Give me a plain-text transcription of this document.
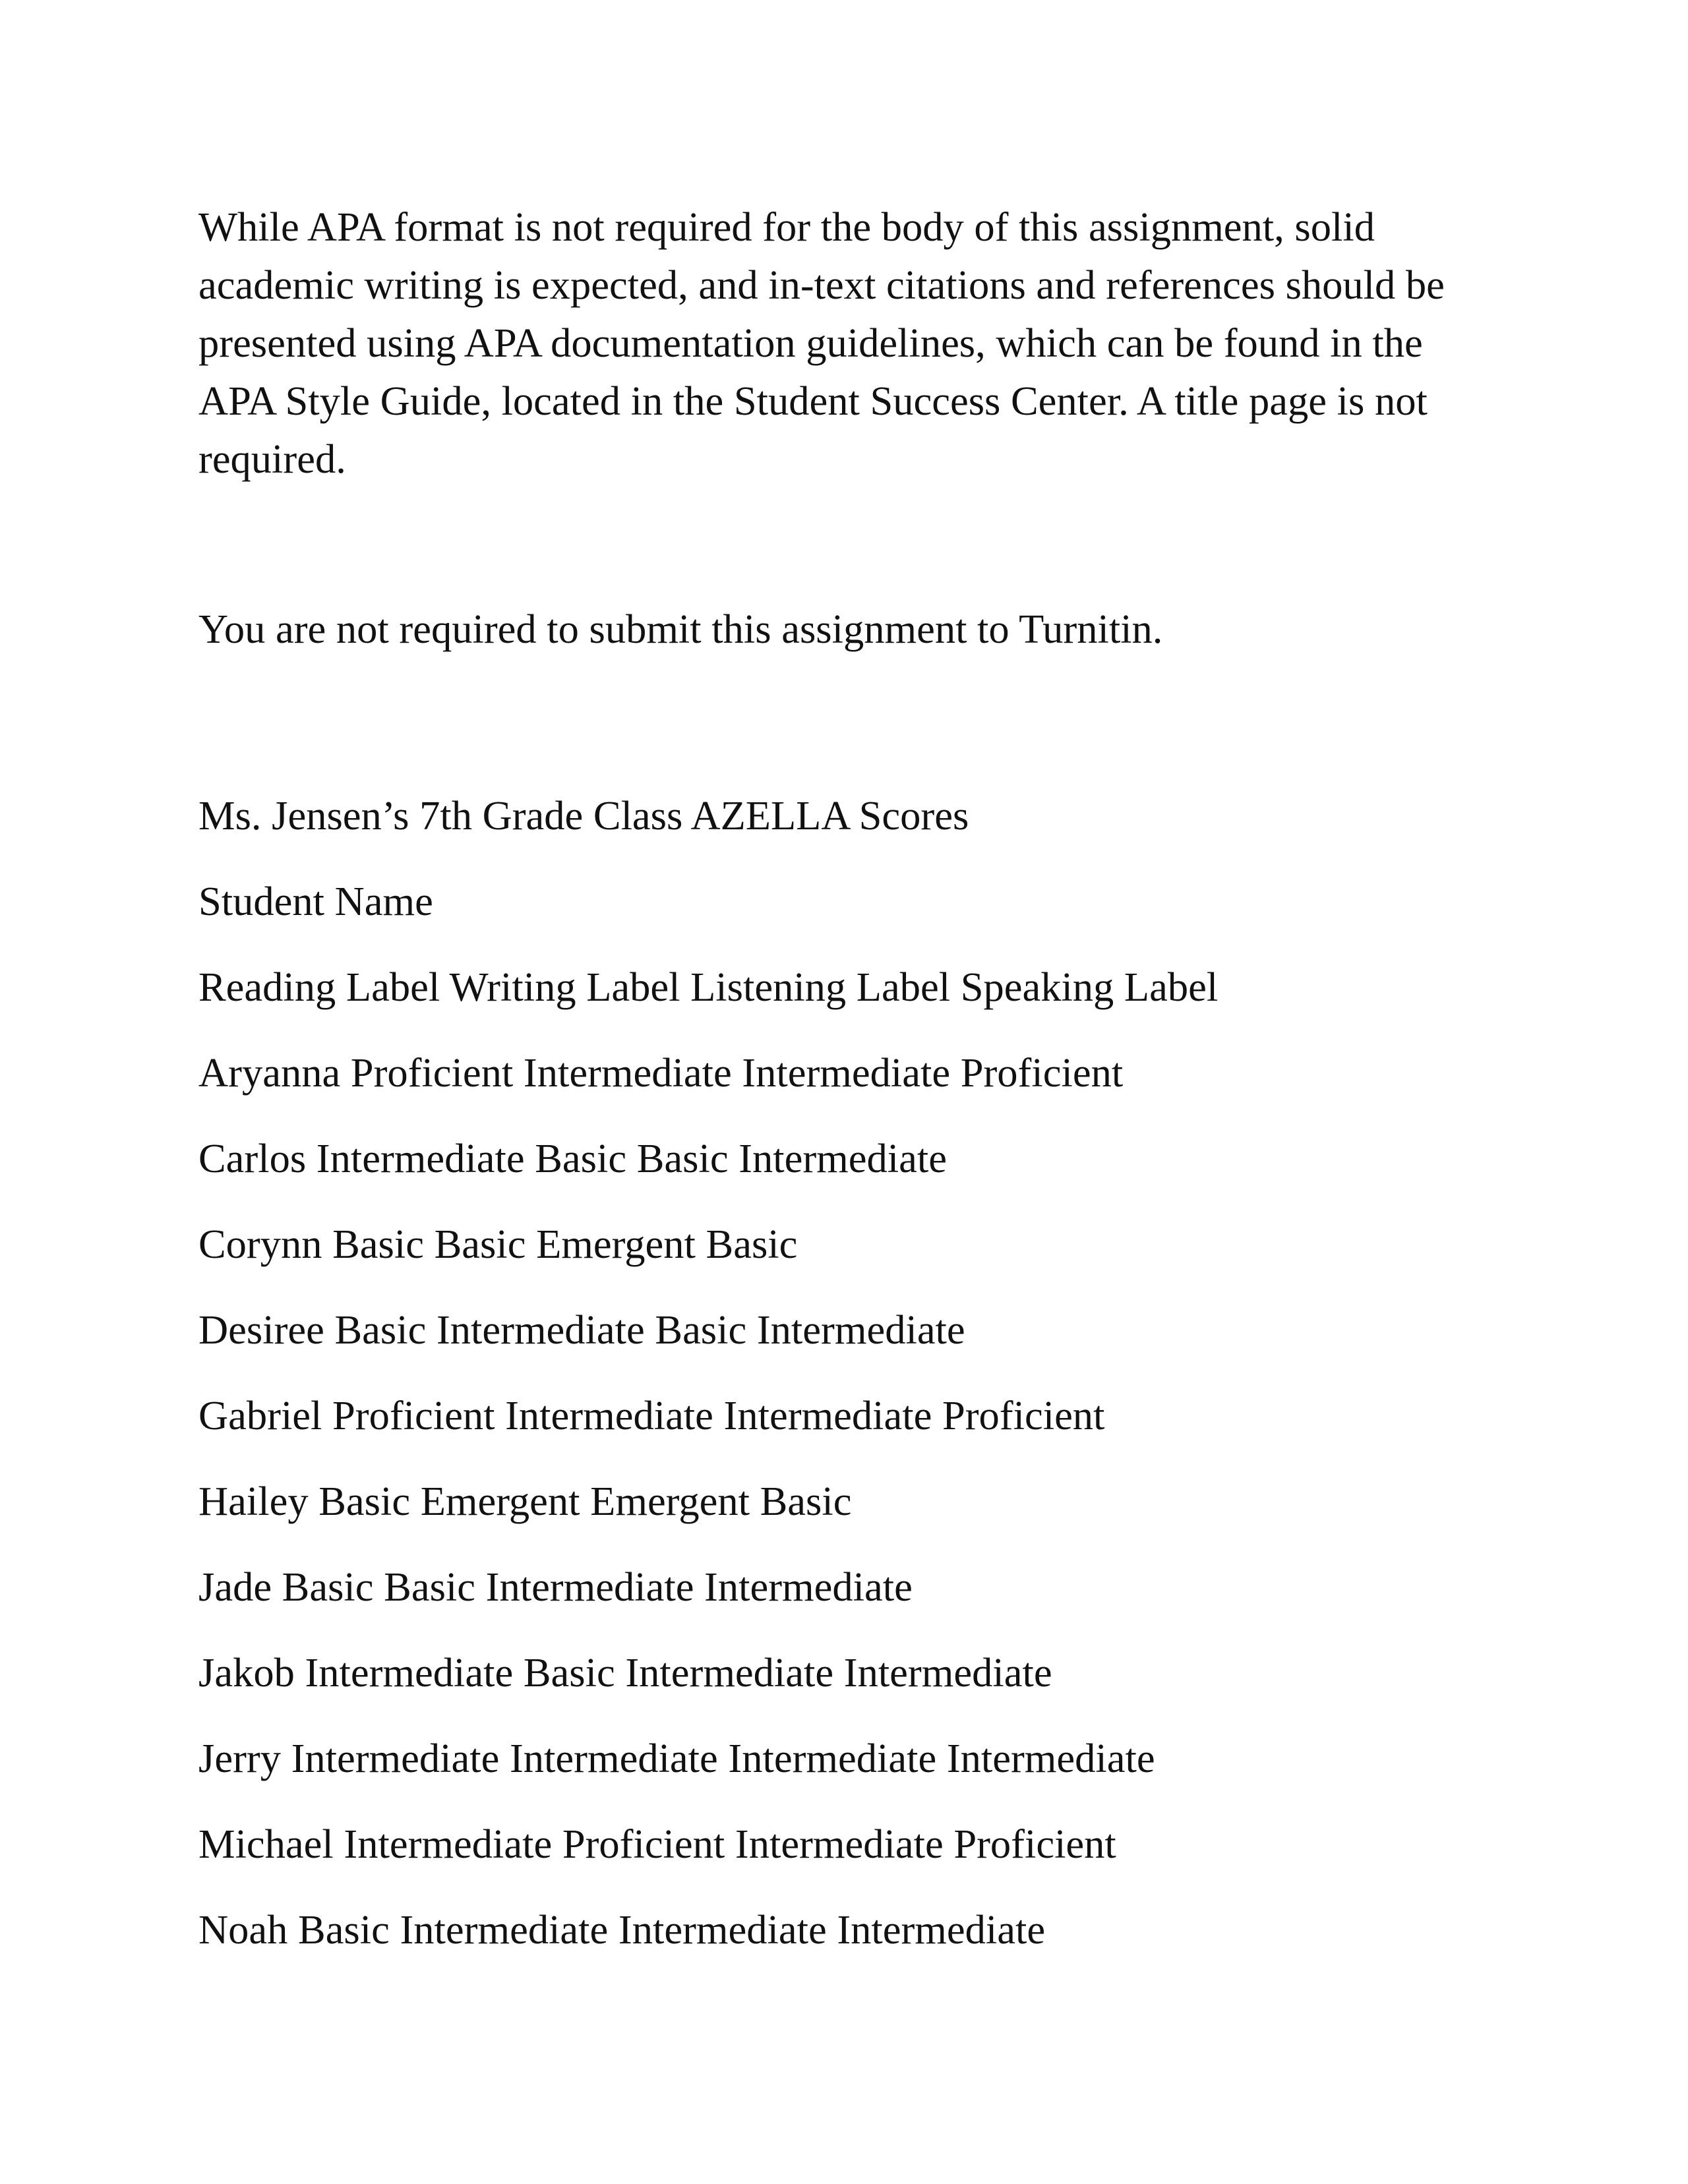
While APA format is not required for the body of this assignment, solid academic writing is expected, and in-text citations and references should be presented using APA documentation guidelines, which can be found in the APA Style Guide, located in the Student Success Center. A title page is not required.

You are not required to submit this assignment to Turnitin.

Ms. Jensen’s 7th Grade Class AZELLA Scores
Student Name
Reading Label Writing Label Listening Label Speaking Label
Aryanna Proficient Intermediate Intermediate Proficient
Carlos Intermediate Basic Basic Intermediate
Corynn Basic Basic Emergent Basic
Desiree Basic Intermediate Basic Intermediate
Gabriel Proficient Intermediate Intermediate Proficient
Hailey Basic Emergent Emergent Basic
Jade Basic Basic Intermediate Intermediate
Jakob Intermediate Basic Intermediate Intermediate
Jerry Intermediate Intermediate Intermediate Intermediate
Michael Intermediate Proficient Intermediate Proficient
Noah Basic Intermediate Intermediate Intermediate
